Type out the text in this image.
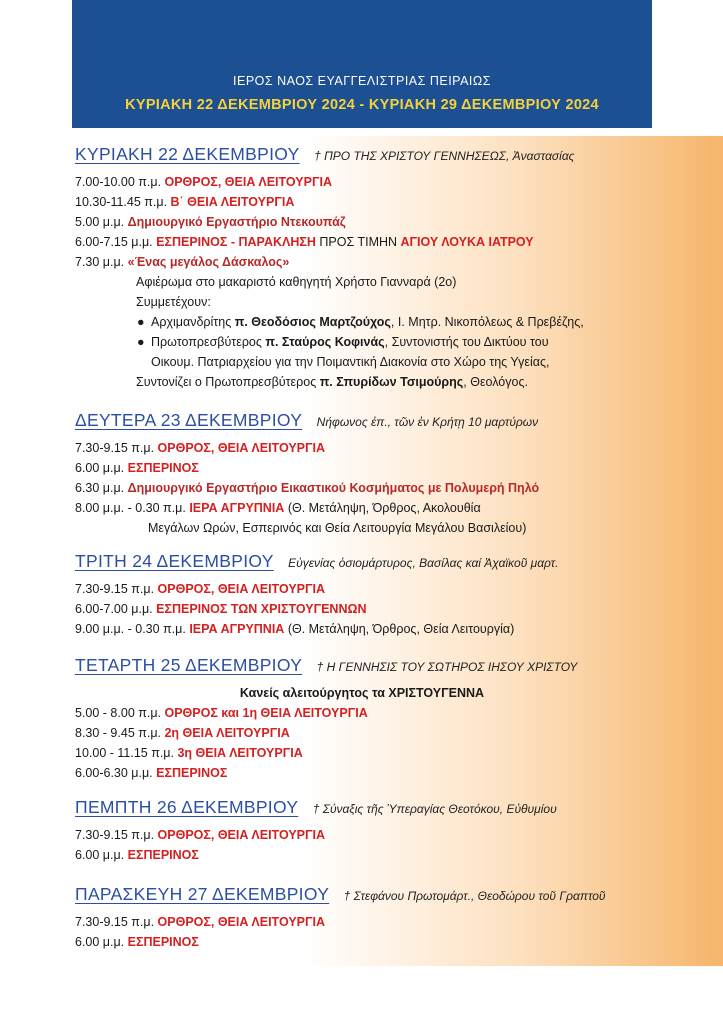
ΙΕΡΟΣ ΝΑΟΣ ΕΥΑΓΓΕΛΙΣΤΡΙΑΣ ΠΕΙΡΑΙΩΣ
ΚΥΡΙΑΚΗ 22 ΔΕΚΕΜΒΡΙΟΥ 2024 - ΚΥΡΙΑΚΗ 29 ΔΕΚΕΜΒΡΙΟΥ 2024
ΚΥΡΙΑΚΗ 22 ΔΕΚΕΜΒΡΙΟΥ † ΠΡΟ ΤΗΣ ΧΡΙΣΤΟΥ ΓΕΝΝΗΣΕΩΣ, Ἀναστασίας
7.00-10.00 π.μ. ΟΡΘΡΟΣ, ΘΕΙΑ ΛΕΙΤΟΥΡΓΙΑ
10.30-11.45 π.μ. Β΄ ΘΕΙΑ ΛΕΙΤΟΥΡΓΙΑ
5.00 μ.μ. Δημιουργικό Εργαστήριο Ντεκουπάζ
6.00-7.15 μ.μ. ΕΣΠΕΡΙΝΟΣ - ΠΑΡΑΚΛΗΣΗ ΠΡΟΣ ΤΙΜΗΝ ΑΓΙΟΥ ΛΟΥΚΑ ΙΑΤΡΟΥ
7.30 μ.μ. «Ένας μεγάλος Δάσκαλος»
Αφιέρωμα στο μακαριστό καθηγητή Χρήστο Γιανναρά (2ο)
Συμμετέχουν:
● Αρχιμανδρίτης π. Θεοδόσιος Μαρτζούχος, Ι. Μητρ. Νικοπόλεως & Πρεβέζης,
● Πρωτοπρεσβύτερος π. Σταύρος Κοφινάς, Συντονιστής του Δικτύου του
Οικουμ. Πατριαρχείου για την Ποιμαντική Διακονία στο Χώρο της Υγείας,
Συντονίζει ο Πρωτοπρεσβύτερος π. Σπυρίδων Τσιμούρης, Θεολόγος.
ΔΕΥΤΕΡΑ 23 ΔΕΚΕΜΒΡΙΟΥ Νήφωνος ἐπ., τῶν ἐν Κρήτῃ 10 μαρτύρων
7.30-9.15 π.μ. ΟΡΘΡΟΣ, ΘΕΙΑ ΛΕΙΤΟΥΡΓΙΑ
6.00 μ.μ. ΕΣΠΕΡΙΝΟΣ
6.30 μ.μ. Δημιουργικό Εργαστήριο Εικαστικού Κοσμήματος με Πολυμερή Πηλό
8.00 μ.μ. - 0.30 π.μ. ΙΕΡΑ ΑΓΡΥΠΝΙΑ (Θ. Μετάληψη, Όρθρος, Ακολουθία
Μεγάλων Ωρών, Εσπερινός και Θεία Λειτουργία Μεγάλου Βασιλείου)
ΤΡΙΤΗ 24 ΔΕΚΕΜΒΡΙΟΥ Εὐγενίας ὁσιομάρτυρος, Βασίλας καί Ἀχαϊκοῦ μαρτ.
7.30-9.15 π.μ. ΟΡΘΡΟΣ, ΘΕΙΑ ΛΕΙΤΟΥΡΓΙΑ
6.00-7.00 μ.μ. ΕΣΠΕΡΙΝΟΣ ΤΩΝ ΧΡΙΣΤΟΥΓΕΝΝΩΝ
9.00 μ.μ. - 0.30 π.μ. ΙΕΡΑ ΑΓΡΥΠΝΙΑ (Θ. Μετάληψη, Όρθρος, Θεία Λειτουργία)
ΤΕΤΑΡΤΗ 25 ΔΕΚΕΜΒΡΙΟΥ † Η ΓΕΝΝΗΣΙΣ ΤΟΥ ΣΩΤΗΡΟΣ ΙΗΣΟΥ ΧΡΙΣΤΟΥ
Κανείς αλειτούργητος τα ΧΡΙΣΤΟΥΓΕΝΝΑ
5.00 - 8.00 π.μ. ΟΡΘΡΟΣ και 1η ΘΕΙΑ ΛΕΙΤΟΥΡΓΙΑ
8.30 - 9.45 π.μ. 2η ΘΕΙΑ ΛΕΙΤΟΥΡΓΙΑ
10.00 - 11.15 π.μ. 3η ΘΕΙΑ ΛΕΙΤΟΥΡΓΙΑ
6.00-6.30 μ.μ. ΕΣΠΕΡΙΝΟΣ
ΠΕΜΠΤΗ 26 ΔΕΚΕΜΒΡΙΟΥ † Σύναξις τῆς Ὑπεραγίας Θεοτόκου, Εὐθυμίου
7.30-9.15 π.μ. ΟΡΘΡΟΣ, ΘΕΙΑ ΛΕΙΤΟΥΡΓΙΑ
6.00 μ.μ. ΕΣΠΕΡΙΝΟΣ
ΠΑΡΑΣΚΕΥΗ 27 ΔΕΚΕΜΒΡΙΟΥ † Στεφάνου Πρωτομάρτ., Θεοδώρου τοῦ Γραπτοῦ
7.30-9.15 π.μ. ΟΡΘΡΟΣ, ΘΕΙΑ ΛΕΙΤΟΥΡΓΙΑ
6.00 μ.μ. ΕΣΠΕΡΙΝΟΣ
